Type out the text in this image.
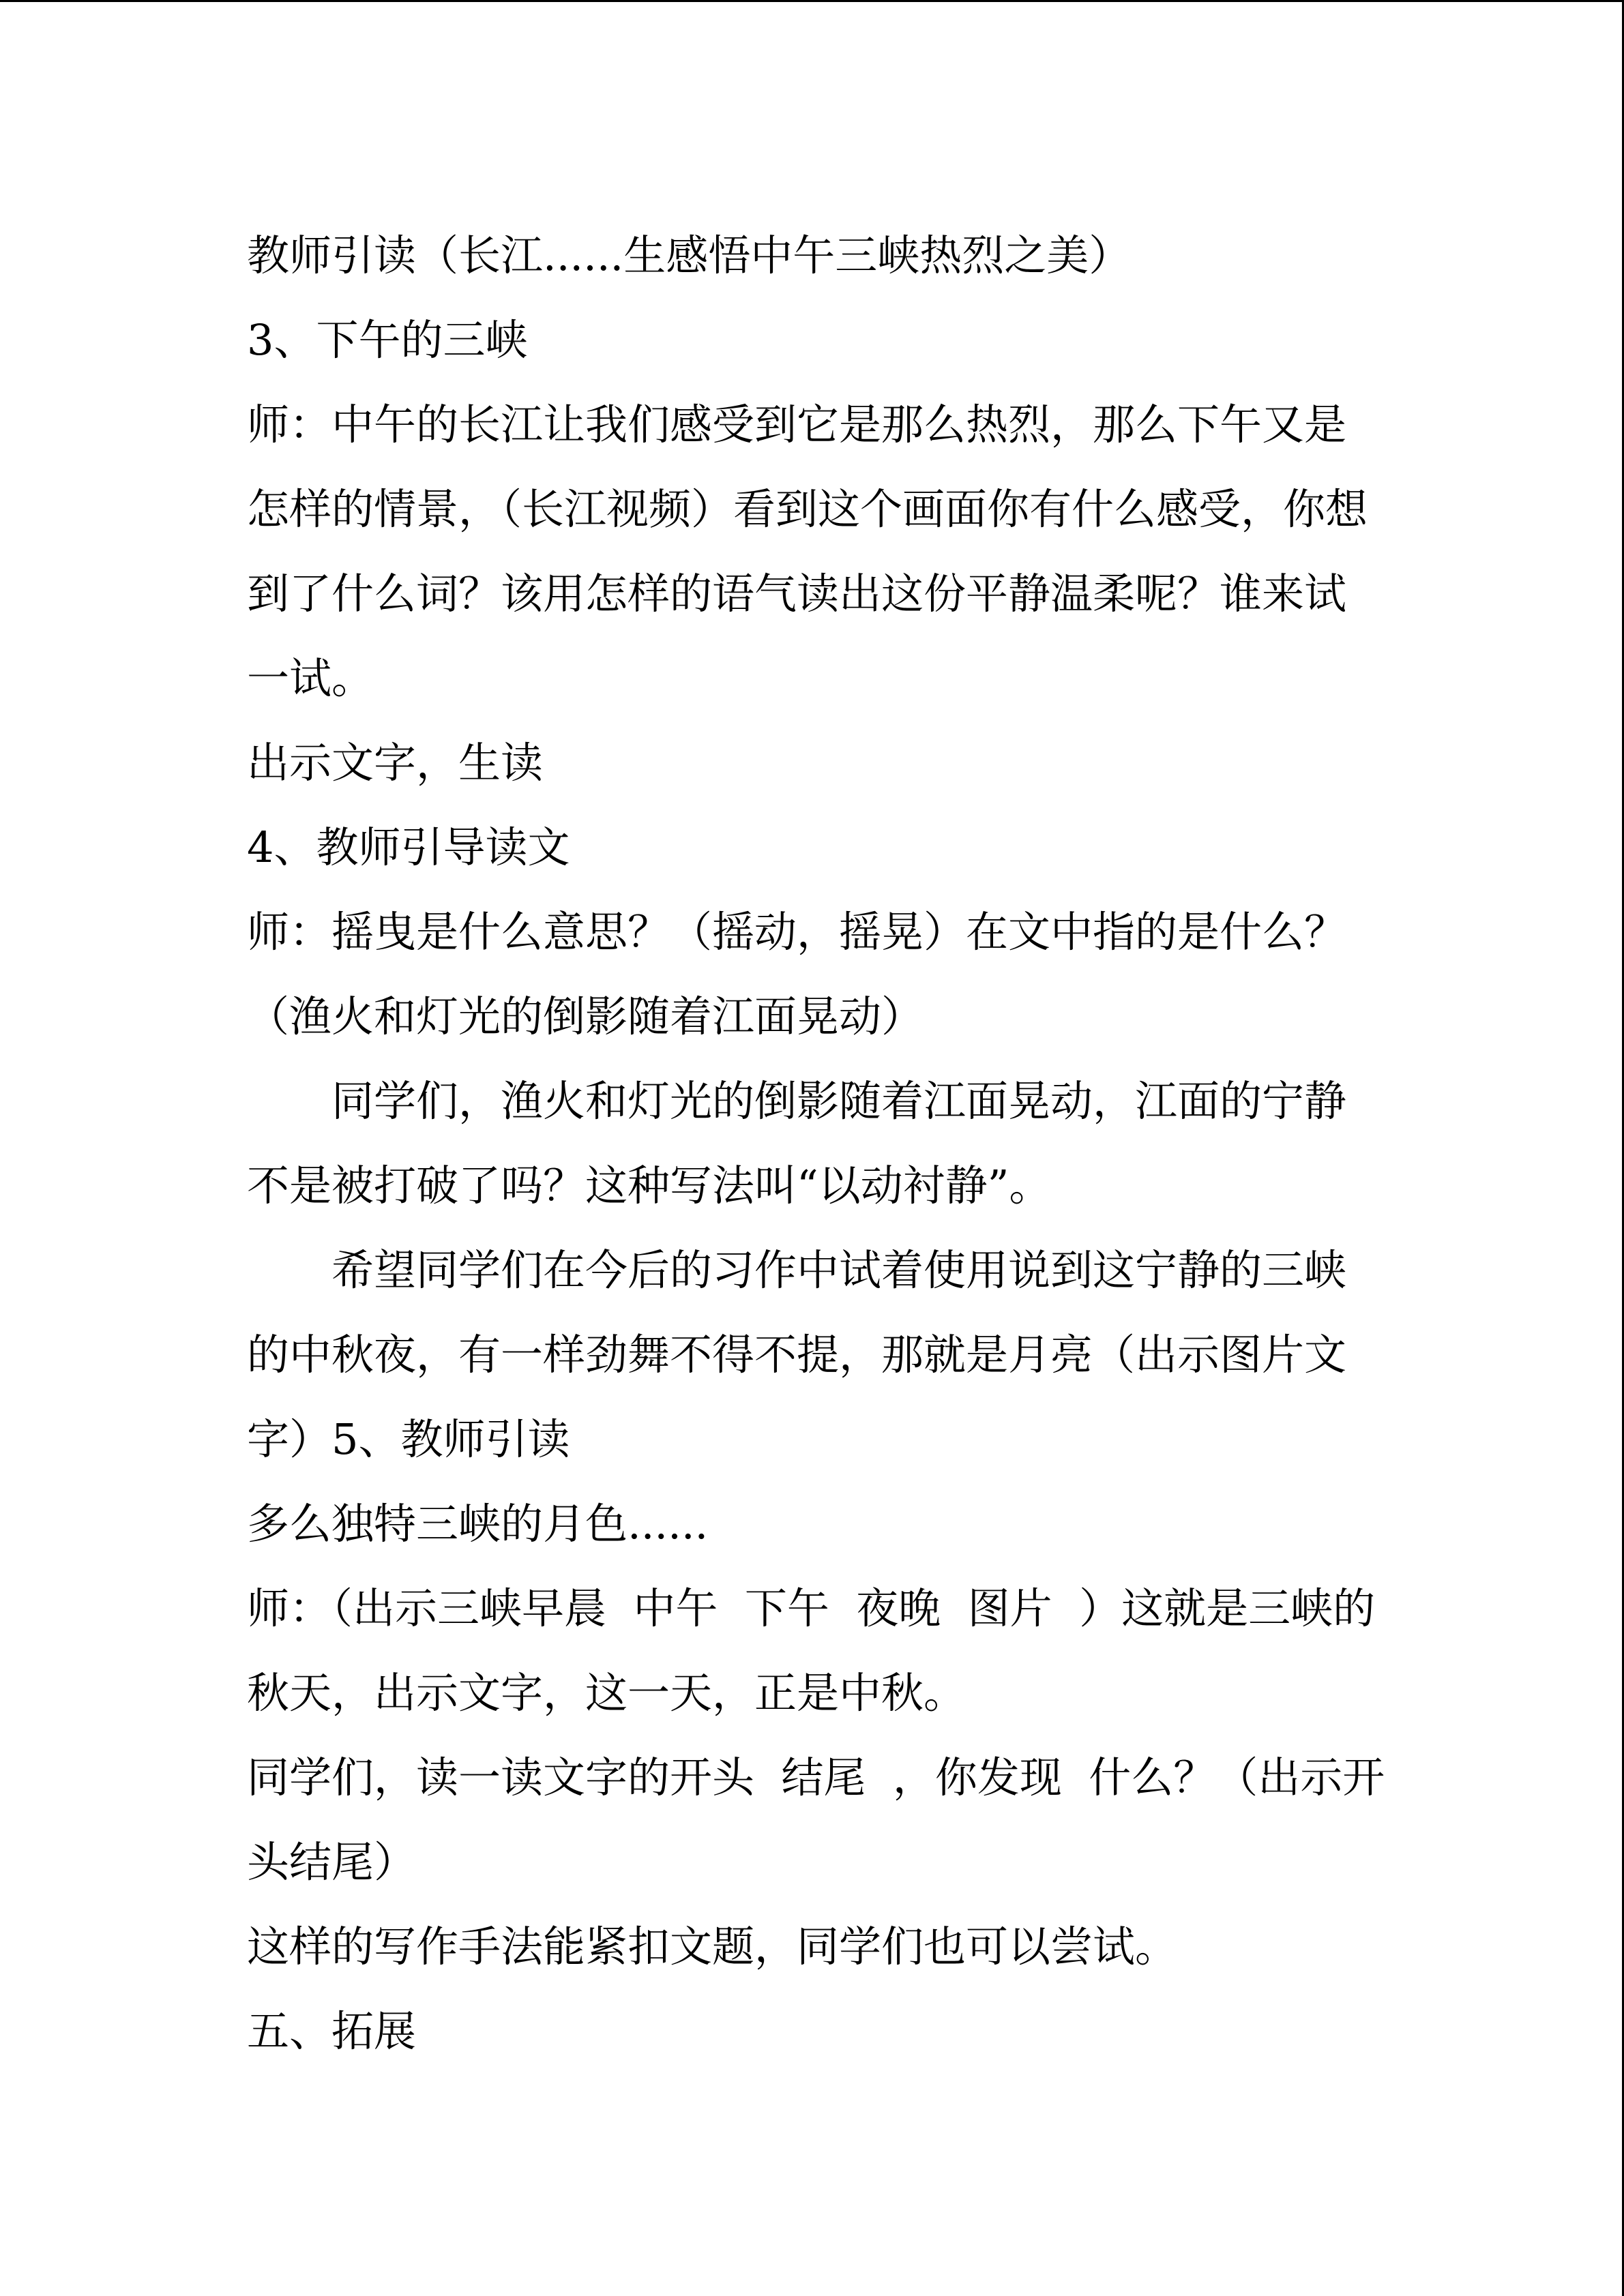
教师引读（长江......生感悟中午三峡热烈之美）
3、下午的三峡
师：中午的长江让我们感受到它是那么热烈，那么下午又是
怎样的情景，（长江视频）看到这个画面你有什么感受，你想
到了什么词？该用怎样的语气读出这份平静温柔呢？谁来试
一试。
出示文字，生读
4、教师引导读文
师：摇曳是什么意思？（摇动，摇晃）在文中指的是什么？
（渔火和灯光的倒影随着江面晃动）
同学们，渔火和灯光的倒影随着江面晃动，江面的宁静
不是被打破了吗？这种写法叫“以动衬静”。
希望同学们在今后的习作中试着使用说到这宁静的三峡
的中秋夜，有一样劲舞不得不提，那就是月亮（出示图片文
字）5、教师引读
多么独特三峡的月色......
师：（出示三峡早晨  中午  下午  夜晚  图片  ）这就是三峡的
秋天，出示文字，这一天，正是中秋。
同学们，读一读文字的开头  结尾  ，你发现  什么？（出示开
头结尾）
这样的写作手法能紧扣文题，同学们也可以尝试。
五、拓展
